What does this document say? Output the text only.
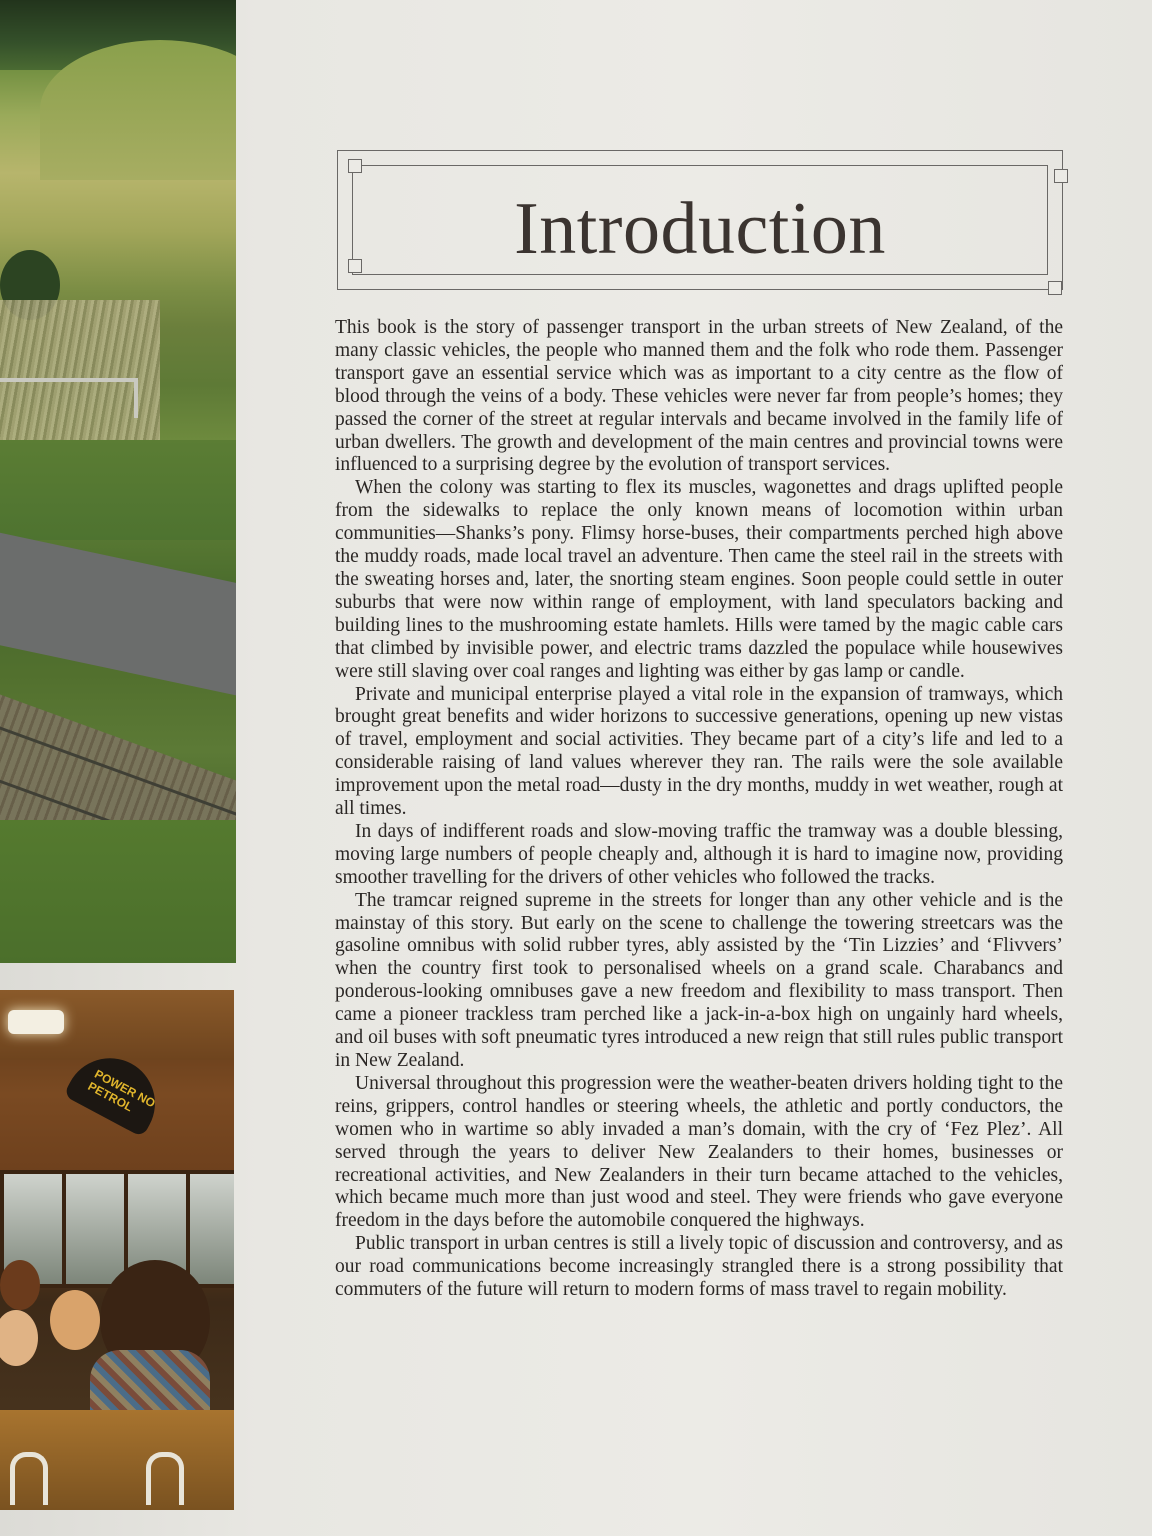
POWER NO PETROL
Introduction

This book is the story of passenger transport in the urban streets of New Zealand, of the many classic vehicles, the people who manned them and the folk who rode them. Passenger transport gave an essential service which was as important to a city centre as the flow of blood through the veins of a body. These vehicles were never far from people’s homes; they passed the corner of the street at regular intervals and became involved in the family life of urban dwellers. The growth and development of the main centres and provincial towns were influenced to a surprising degree by the evolution of transport services.

When the colony was starting to flex its muscles, wagonettes and drags uplifted people from the sidewalks to replace the only known means of locomotion within urban communities—Shanks’s pony. Flimsy horse-buses, their compartments perched high above the muddy roads, made local travel an adventure. Then came the steel rail in the streets with the sweating horses and, later, the snorting steam engines. Soon people could settle in outer suburbs that were now within range of employment, with land speculators backing and building lines to the mushrooming estate hamlets. Hills were tamed by the magic cable cars that climbed by invisible power, and electric trams dazzled the populace while housewives were still slaving over coal ranges and lighting was either by gas lamp or candle.

Private and municipal enterprise played a vital role in the expansion of tramways, which brought great benefits and wider horizons to successive generations, opening up new vistas of travel, employment and social activities. They became part of a city’s life and led to a considerable raising of land values wherever they ran. The rails were the sole available improvement upon the metal road—dusty in the dry months, muddy in wet weather, rough at all times.

In days of indifferent roads and slow-moving traffic the tramway was a double blessing, moving large numbers of people cheaply and, although it is hard to imagine now, providing smoother travelling for the drivers of other vehicles who followed the tracks.

The tramcar reigned supreme in the streets for longer than any other vehicle and is the mainstay of this story. But early on the scene to challenge the towering streetcars was the gasoline omnibus with solid rubber tyres, ably assisted by the ‘Tin Lizzies’ and ‘Flivvers’ when the country first took to personalised wheels on a grand scale. Charabancs and ponderous-looking omnibuses gave a new freedom and flexibility to mass transport. Then came a pioneer trackless tram perched like a jack-in-a-box high on ungainly hard wheels, and oil buses with soft pneumatic tyres introduced a new reign that still rules public transport in New Zealand.

Universal throughout this progression were the weather-beaten drivers holding tight to the reins, grippers, control handles or steering wheels, the athletic and portly conductors, the women who in wartime so ably invaded a man’s domain, with the cry of ‘Fez Plez’. All served through the years to deliver New Zealanders to their homes, businesses or recreational activities, and New Zealanders in their turn became attached to the vehicles, which became much more than just wood and steel. They were friends who gave everyone freedom in the days before the automobile conquered the highways.

Public transport in urban centres is still a lively topic of discussion and controversy, and as our road communications become increasingly strangled there is a strong possibility that commuters of the future will return to modern forms of mass travel to regain mobility.
